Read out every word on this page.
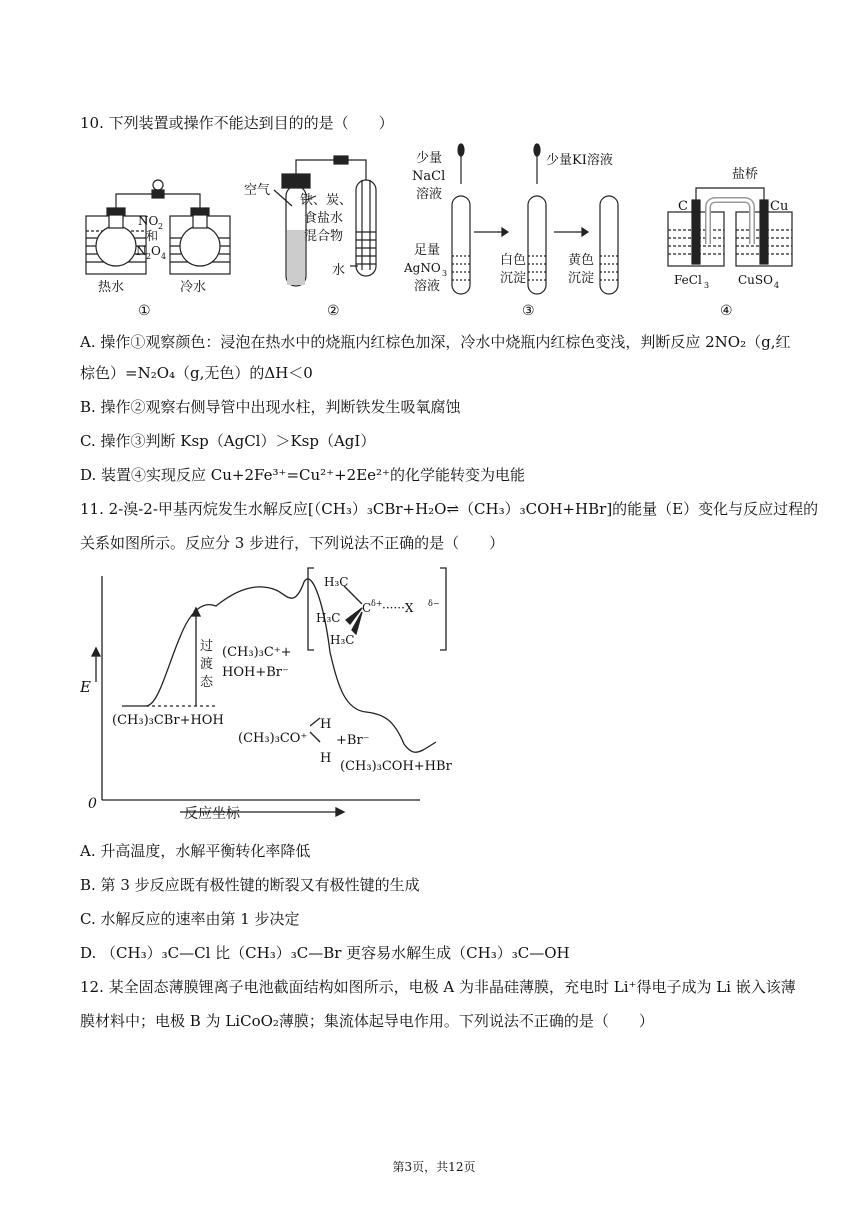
10. 下列装置或操作不能达到目的的是（　　）
NO 2
和
N 2 O 4
热水	冷水
①
空气
铁、炭、
食盐水
混合物
水
②
少量
NaCl
溶液
少量KI溶液
足量
AgNO 3
溶液
白色
沉淀
黄色
沉淀
③
盐桥
C	Cu
FeCl 3 CuSO 4
④
A. 操作①观察颜色：浸泡在热水中的烧瓶内红棕色加深，冷水中烧瓶内红棕色变浅，判断反应 2NO₂（g,红
棕色）=N₂O₄（g,无色）的ΔH＜0
B. 操作②观察右侧导管中出现水柱，判断铁发生吸氧腐蚀
C. 操作③判断 Ksp（AgCl）＞Ksp（AgI）
D. 装置④实现反应 Cu+2Fe³⁺=Cu²⁺+2Ee²⁺的化学能转变为电能
11. 2-溴-2-甲基丙烷发生水解反应[（CH₃）₃CBr+H₂O⇌（CH₃）₃COH+HBr]的能量（E）变化与反应过程的
关系如图所示。反应分 3 步进行，下列说法不正确的是（　　）
E
0
反应坐标
过
渡
态
(CH₃)₃C⁺+
HOH+Br⁻
(CH₃)₃CBr+HOH
(CH₃)₃CO⁺
H
H
+Br⁻
(CH₃)₃COH+HBr
H₃C
H₃C
H₃C
C δ+ ······X δ−
A. 升高温度，水解平衡转化率降低
B. 第 3 步反应既有极性键的断裂又有极性键的生成
C. 水解反应的速率由第 1 步决定
D. （CH₃）₃C—Cl 比（CH₃）₃C—Br 更容易水解生成（CH₃）₃C—OH
12. 某全固态薄膜锂离子电池截面结构如图所示，电极 A 为非晶硅薄膜，充电时 Li⁺得电子成为 Li 嵌入该薄
膜材料中；电极 B 为 LiCoO₂薄膜；集流体起导电作用。下列说法不正确的是（　　）
第3页，共12页
